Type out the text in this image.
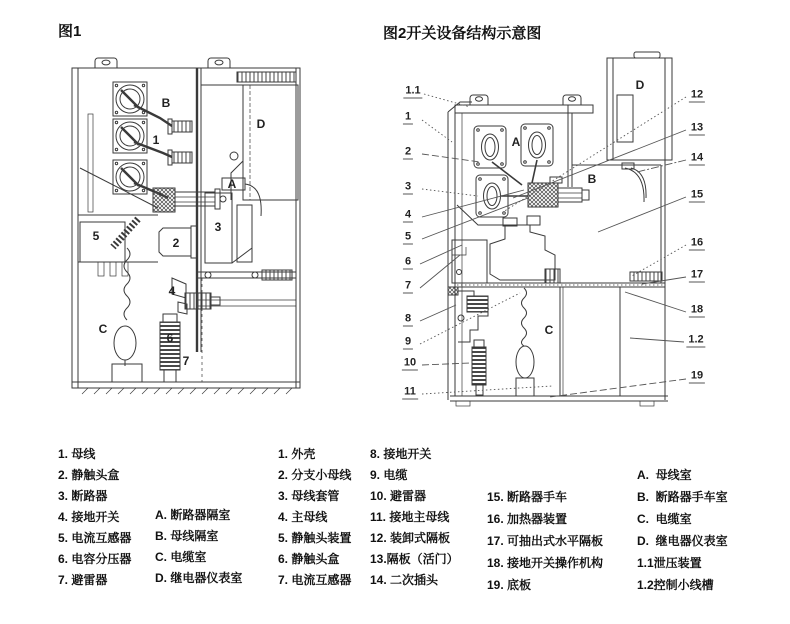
图1	图2开关设备结构示意图
B
1
D
A
3
2
5
4
C
6
7
A
B
C
D
1.1
1
2
3
4
5
6
7
8
9
10
11
12
13
14
15
16
17
18
1.2
19
1. 母线
2. 静触头盒
3. 断路器
4. 接地开关
5. 电流互感器
6. 电容分压器
7. 避雷器
A. 断路器隔室
B. 母线隔室
C. 电缆室
D. 继电器仪表室
1. 外壳
2. 分支小母线
3. 母线套管
4. 主母线
5. 静触头装置
6. 静触头盒
7. 电流互感器
8. 接地开关
9. 电缆
10. 避雷器
11. 接地主母线
12. 装卸式隔板
13.隔板（活门）
14. 二次插头
15. 断路器手车
16. 加热器装置
17. 可抽出式水平隔板
18. 接地开关操作机构
19. 底板
A.  母线室
B.  断路器手车室
C.  电缆室
D.  继电器仪表室
1.1泄压装置
1.2控制小线槽
